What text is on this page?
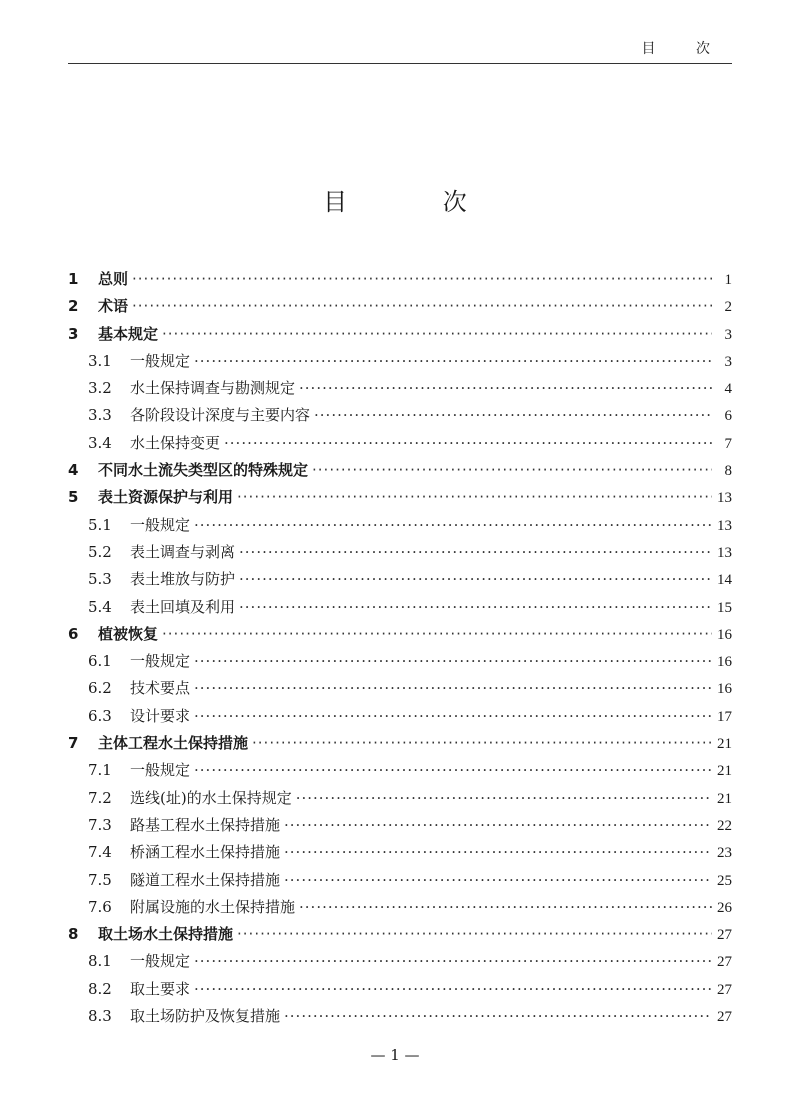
目 次
目 次
1	总则 ·····	1
2	术语 ·····	2
3	基本规定 ·····	3
3.1	一般规定 ·····	3
3.2	水土保持调查与勘测规定 ·····	4
3.3	各阶段设计深度与主要内容 ·····	6
3.4	水土保持变更 ·····	7
4	不同水土流失类型区的特殊规定 ·····	8
5	表土资源保护与利用 ·····	13
5.1	一般规定 ·····	13
5.2	表土调查与剥离 ·····	13
5.3	表土堆放与防护 ·····	14
5.4	表土回填及利用 ·····	15
6	植被恢复 ·····	16
6.1	一般规定 ·····	16
6.2	技术要点 ·····	16
6.3	设计要求 ·····	17
7	主体工程水土保持措施 ·····	21
7.1	一般规定 ·····	21
7.2	选线(址)的水土保持规定 ·····	21
7.3	路基工程水土保持措施 ·····	22
7.4	桥涵工程水土保持措施 ·····	23
7.5	隧道工程水土保持措施 ·····	25
7.6	附属设施的水土保持措施 ·····	26
8	取土场水土保持措施 ·····	27
8.1	一般规定 ·····	27
8.2	取土要求 ·····	27
8.3	取土场防护及恢复措施 ·····	27
— 1 —
